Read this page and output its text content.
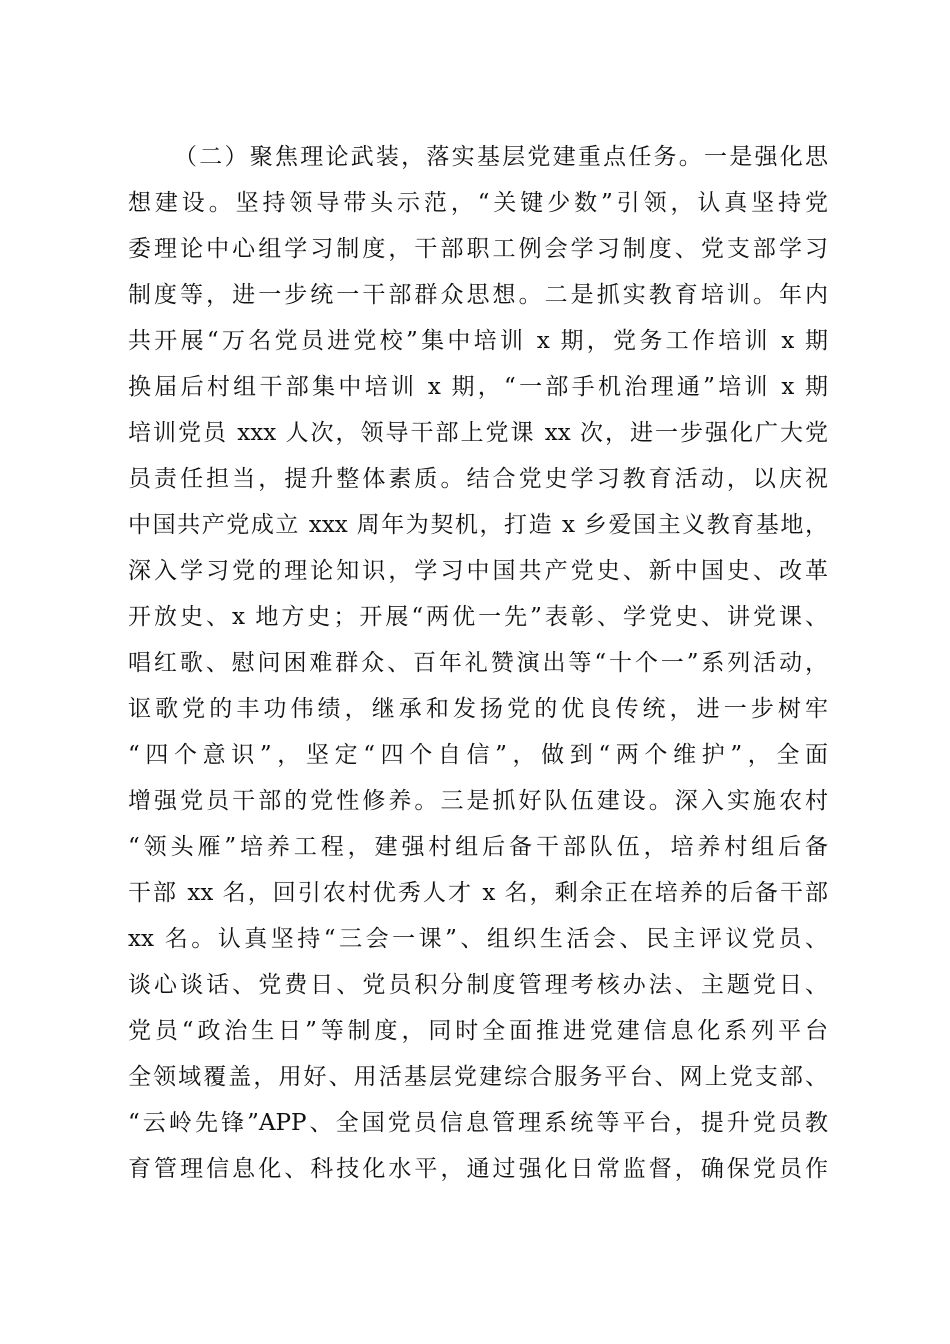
（二）聚焦理论武装，落实基层党建重点任务。一是强化思
想建设。坚持领导带头示范，“关键少数”引领，认真坚持党
委理论中心组学习制度，干部职工例会学习制度、党支部学习
制度等，进一步统一干部群众思想。二是抓实教育培训。年内
共开展“万名党员进党校”集中培训 x 期，党务工作培训 x 期
换届后村组干部集中培训 x 期，“一部手机治理通”培训 x 期
培训党员 xxx 人次，领导干部上党课 xx 次，进一步强化广大党
员责任担当，提升整体素质。结合党史学习教育活动，以庆祝
中国共产党成立 xxx 周年为契机，打造 x 乡爱国主义教育基地，
深入学习党的理论知识，学习中国共产党史、新中国史、改革
开放史、x 地方史；开展“两优一先”表彰、学党史、讲党课、
唱红歌、慰问困难群众、百年礼赞演出等“十个一”系列活动，
讴歌党的丰功伟绩，继承和发扬党的优良传统，进一步树牢
“四个意识”，坚定“四个自信”，做到“两个维护”，全面
增强党员干部的党性修养。三是抓好队伍建设。深入实施农村
“领头雁”培养工程，建强村组后备干部队伍，培养村组后备
干部 xx 名，回引农村优秀人才 x 名，剩余正在培养的后备干部
xx 名。认真坚持“三会一课”、组织生活会、民主评议党员、
谈心谈话、党费日、党员积分制度管理考核办法、主题党日、
党员“政治生日”等制度，同时全面推进党建信息化系列平台
全领域覆盖，用好、用活基层党建综合服务平台、网上党支部、
“云岭先锋”APP、全国党员信息管理系统等平台，提升党员教
育管理信息化、科技化水平，通过强化日常监督，确保党员作
